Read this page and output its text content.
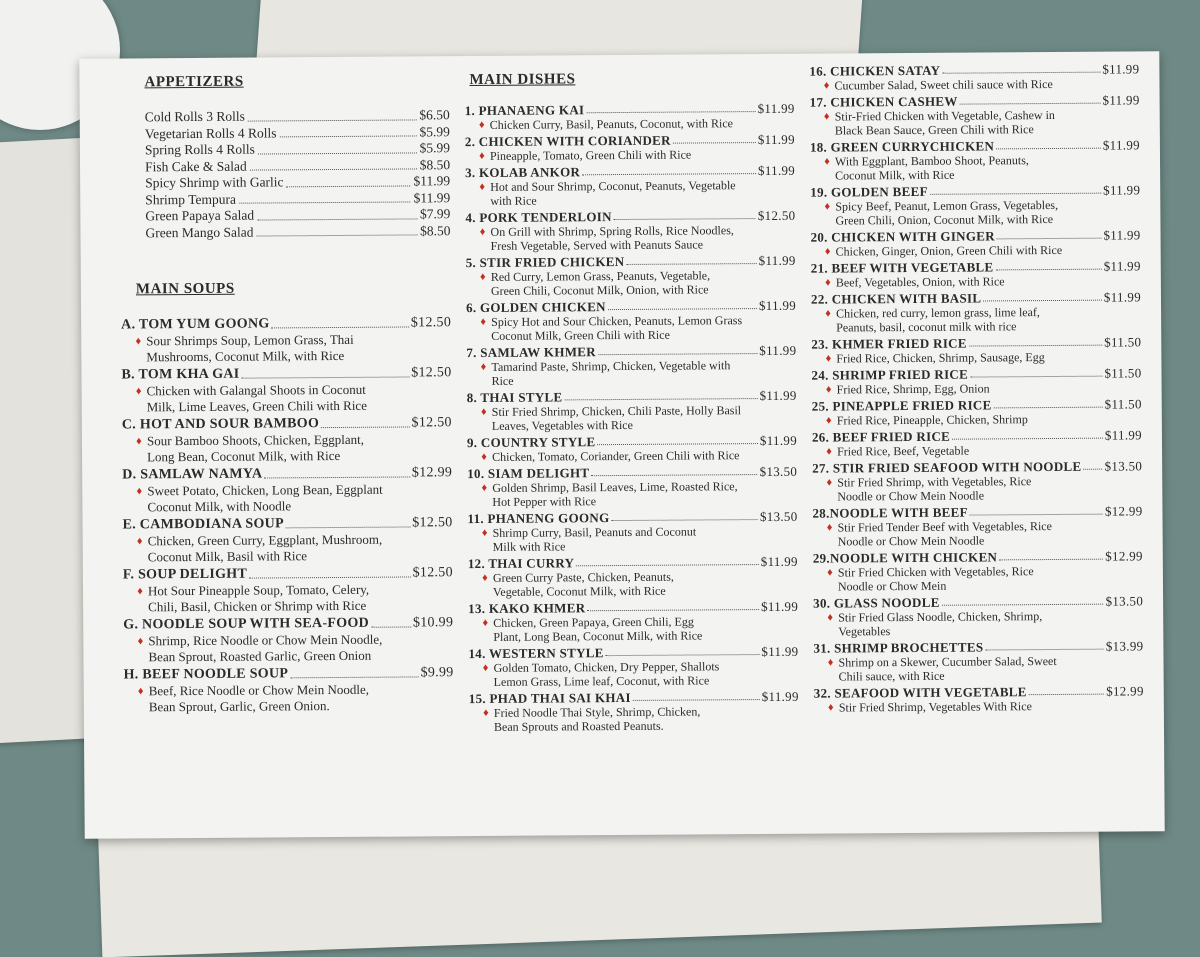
APPETIZERS
Cold Rolls 3 Rolls	$6.50
Vegetarian Rolls 4 Rolls	$5.99
Spring Rolls 4 Rolls	$5.99
Fish Cake & Salad	$8.50
Spicy Shrimp with Garlic	$11.99
Shrimp Tempura	$11.99
Green Papaya Salad	$7.99
Green Mango Salad	$8.50
MAIN SOUPS
A. TOM YUM GOONG	$12.50
♦ Sour Shrimps Soup, Lemon Grass, Thai
Mushrooms, Coconut Milk, with Rice
B. TOM KHA GAI	$12.50
♦ Chicken with Galangal Shoots in Coconut
Milk, Lime Leaves, Green Chili with Rice
C. HOT AND SOUR BAMBOO	$12.50
♦ Sour Bamboo Shoots, Chicken, Eggplant,
Long Bean, Coconut Milk, with Rice
D. SAMLAW NAMYA	$12.99
♦ Sweet Potato, Chicken, Long Bean, Eggplant
Coconut Milk, with Noodle
E. CAMBODIANA SOUP	$12.50
♦ Chicken, Green Curry, Eggplant, Mushroom,
Coconut Milk, Basil with Rice
F. SOUP DELIGHT	$12.50
♦ Hot Sour Pineapple Soup, Tomato, Celery,
Chili, Basil, Chicken or Shrimp with Rice
G. NOODLE SOUP WITH SEA-FOOD	$10.99
♦ Shrimp, Rice Noodle or Chow Mein Noodle,
Bean Sprout, Roasted Garlic, Green Onion
H. BEEF NOODLE SOUP	$9.99
♦ Beef, Rice Noodle or Chow Mein Noodle,
Bean Sprout, Garlic, Green Onion.
MAIN DISHES
1. PHANAENG KAI	$11.99
♦ Chicken Curry, Basil, Peanuts, Coconut, with Rice
2. CHICKEN WITH CORIANDER	$11.99
♦ Pineapple, Tomato, Green Chili with Rice
3. KOLAB ANKOR	$11.99
♦ Hot and Sour Shrimp, Coconut, Peanuts, Vegetable
with Rice
4. PORK TENDERLOIN	$12.50
♦ On Grill with Shrimp, Spring Rolls, Rice Noodles,
Fresh Vegetable, Served with Peanuts Sauce
5. STIR FRIED CHICKEN	$11.99
♦ Red Curry, Lemon Grass, Peanuts, Vegetable,
Green Chili, Coconut Milk, Onion, with Rice
6. GOLDEN CHICKEN	$11.99
♦ Spicy Hot and Sour Chicken, Peanuts, Lemon Grass
Coconut Milk, Green Chili with Rice
7. SAMLAW KHMER	$11.99
♦ Tamarind Paste, Shrimp, Chicken, Vegetable with
Rice
8. THAI STYLE	$11.99
♦ Stir Fried Shrimp, Chicken, Chili Paste, Holly Basil
Leaves, Vegetables with Rice
9. COUNTRY STYLE	$11.99
♦ Chicken, Tomato, Coriander, Green Chili with Rice
10. SIAM DELIGHT	$13.50
♦ Golden Shrimp, Basil Leaves, Lime, Roasted Rice,
Hot Pepper with Rice
11. PHANENG GOONG	$13.50
♦ Shrimp Curry, Basil, Peanuts and Coconut
Milk with Rice
12. THAI CURRY	$11.99
♦ Green Curry Paste, Chicken, Peanuts,
Vegetable, Coconut Milk, with Rice
13. KAKO KHMER	$11.99
♦ Chicken, Green Papaya, Green Chili, Egg
Plant, Long Bean, Coconut Milk, with Rice
14. WESTERN STYLE	$11.99
♦ Golden Tomato, Chicken, Dry Pepper, Shallots
Lemon Grass, Lime leaf, Coconut, with Rice
15. PHAD THAI SAI KHAI	$11.99
♦ Fried Noodle Thai Style, Shrimp, Chicken,
Bean Sprouts and Roasted Peanuts.
16. CHICKEN SATAY	$11.99
♦ Cucumber Salad, Sweet chili sauce with Rice
17. CHICKEN CASHEW	$11.99
♦ Stir-Fried Chicken with Vegetable, Cashew in
Black Bean Sauce, Green Chili with Rice
18. GREEN CURRYCHICKEN	$11.99
♦ With Eggplant, Bamboo Shoot, Peanuts,
Coconut Milk, with Rice
19. GOLDEN BEEF	$11.99
♦ Spicy Beef, Peanut, Lemon Grass, Vegetables,
Green Chili, Onion, Coconut Milk, with Rice
20. CHICKEN WITH GINGER	$11.99
♦ Chicken, Ginger, Onion, Green Chili with Rice
21. BEEF WITH VEGETABLE	$11.99
♦ Beef, Vegetables, Onion, with Rice
22. CHICKEN WITH BASIL	$11.99
♦ Chicken, red curry, lemon grass, lime leaf,
Peanuts, basil, coconut milk with rice
23. KHMER FRIED RICE	$11.50
♦ Fried Rice, Chicken, Shrimp, Sausage, Egg
24. SHRIMP FRIED RICE	$11.50
♦ Fried Rice, Shrimp, Egg, Onion
25. PINEAPPLE FRIED RICE	$11.50
♦ Fried Rice, Pineapple, Chicken, Shrimp
26. BEEF FRIED RICE	$11.99
♦ Fried Rice, Beef, Vegetable
27. STIR FRIED SEAFOOD WITH NOODLE $13.50
♦ Stir Fried Shrimp, with Vegetables, Rice
Noodle or Chow Mein Noodle
28.NOODLE WITH BEEF	$12.99
♦ Stir Fried Tender Beef with Vegetables, Rice
Noodle or Chow Mein Noodle
29.NOODLE WITH CHICKEN	$12.99
♦ Stir Fried Chicken with Vegetables, Rice
Noodle or Chow Mein
30. GLASS NOODLE	$13.50
♦ Stir Fried Glass Noodle, Chicken, Shrimp,
Vegetables
31. SHRIMP BROCHETTES	$13.99
♦ Shrimp on a Skewer, Cucumber Salad, Sweet
Chili sauce, with Rice
32. SEAFOOD WITH VEGETABLE	$12.99
♦ Stir Fried Shrimp, Vegetables With Rice
